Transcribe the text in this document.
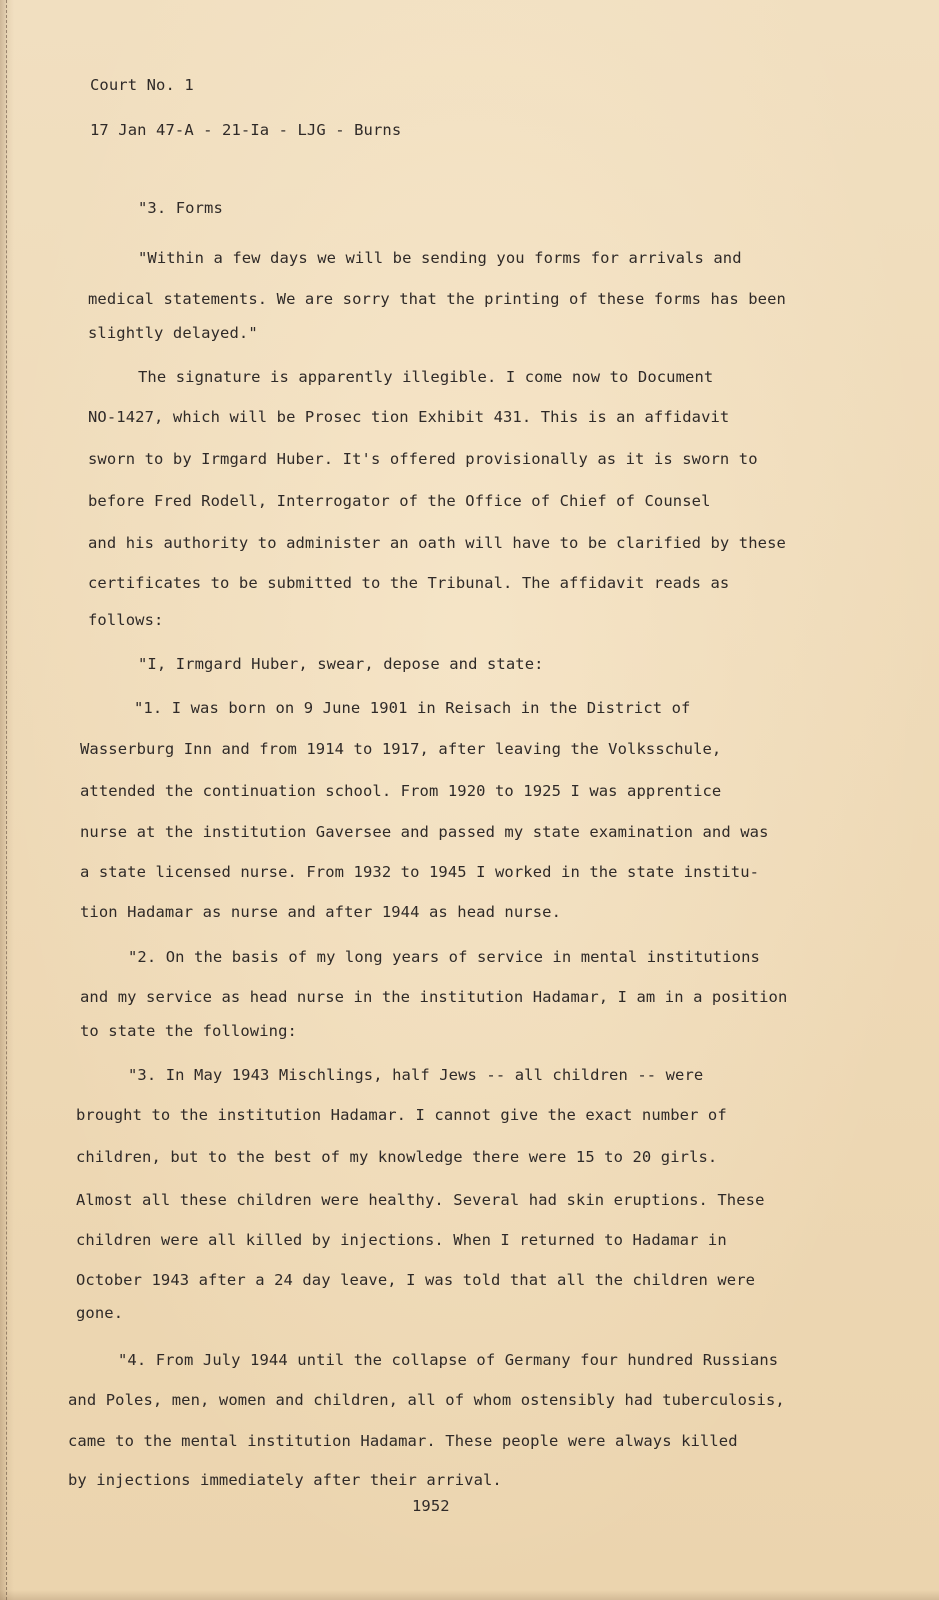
Court No. 1
17 Jan 47-A - 21-Ia - LJG - Burns
"3. Forms
"Within a few days we will be sending you forms for arrivals and
medical statements. We are sorry that the printing of these forms has been
slightly delayed."
The signature is apparently illegible. I come now to Document
NO-1427, which will be Prosec tion Exhibit 431. This is an affidavit
sworn to by Irmgard Huber. It's offered provisionally as it is sworn to
before Fred Rodell, Interrogator of the Office of Chief of Counsel
and his authority to administer an oath will have to be clarified by these
certificates to be submitted to the Tribunal. The affidavit reads as
follows:
"I, Irmgard Huber, swear, depose and state:
"1. I was born on 9 June 1901 in Reisach in the District of
Wasserburg Inn and from 1914 to 1917, after leaving the Volksschule,
attended the continuation school. From 1920 to 1925 I was apprentice
nurse at the institution Gaversee and passed my state examination and was
a state licensed nurse. From 1932 to 1945 I worked in the state institu-
tion Hadamar as nurse and after 1944 as head nurse.
"2. On the basis of my long years of service in mental institutions
and my service as head nurse in the institution Hadamar, I am in a position
to state the following:
"3. In May 1943 Mischlings, half Jews -- all children -- were
brought to the institution Hadamar. I cannot give the exact number of
children, but to the best of my knowledge there were 15 to 20 girls.
Almost all these children were healthy. Several had skin eruptions. These
children were all killed by injections. When I returned to Hadamar in
October 1943 after a 24 day leave, I was told that all the children were
gone.
"4. From July 1944 until the collapse of Germany four hundred Russians
and Poles, men, women and children, all of whom ostensibly had tuberculosis,
came to the mental institution Hadamar. These people were always killed
by injections immediately after their arrival.
1952
